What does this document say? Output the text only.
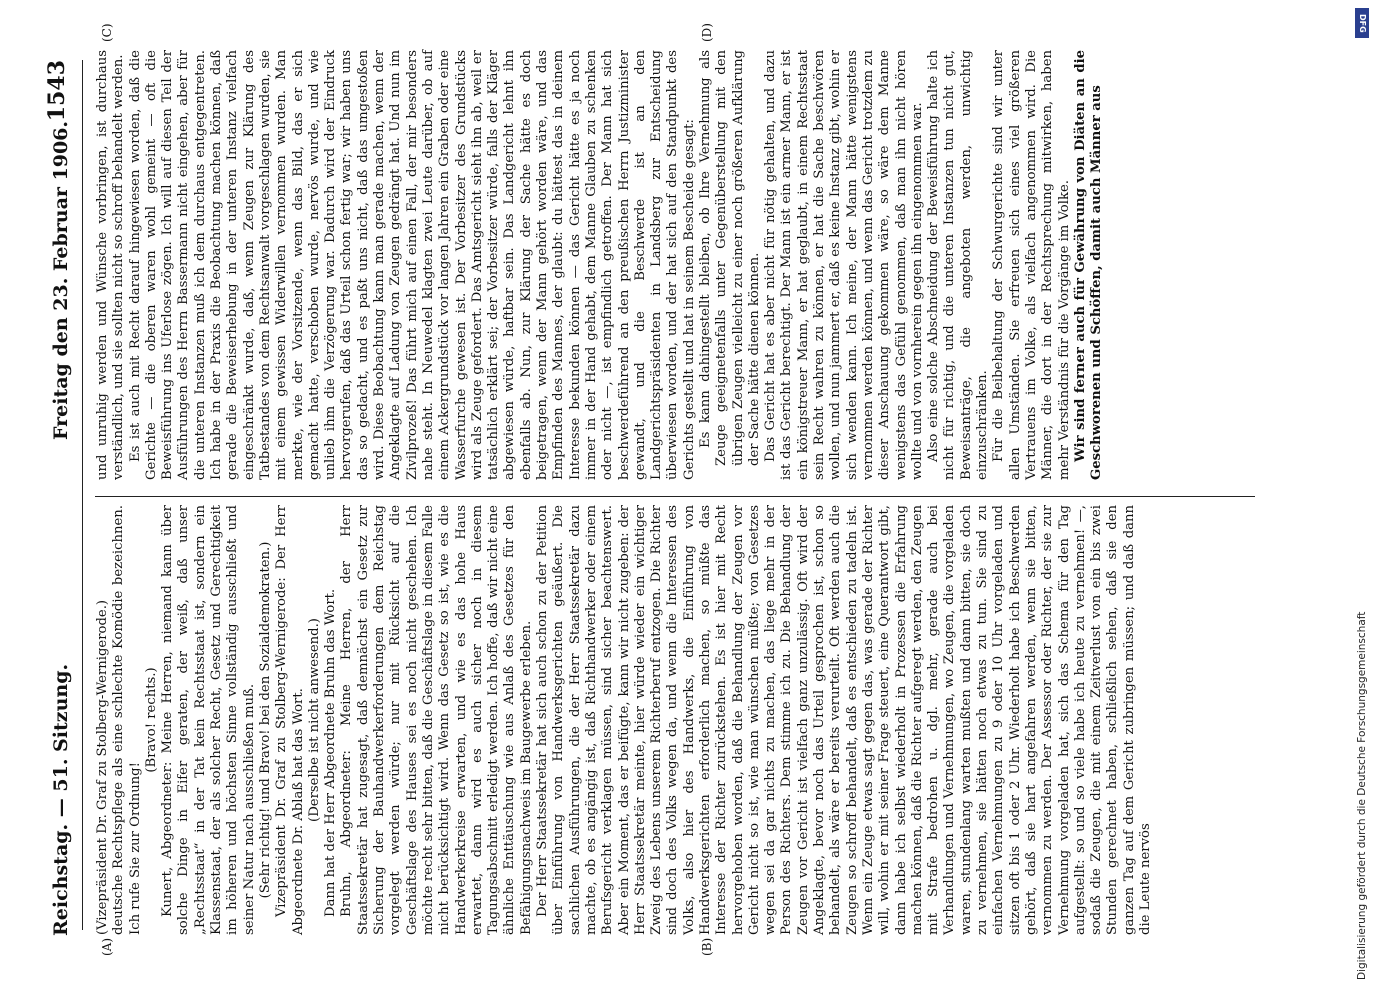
Reichstag. — 51. Sitzung.
Freitag den 23. Februar 1906.
1543
(A)	(B)
(C)	(D)

(Vizepräsident Dr. Graf zu Stolberg-Wernigerode.) deutsche Rechtspflege als eine schlechte Komödie bezeichnen. Ich rufe Sie zur Ordnung!

(Bravo! rechts.) Kunert, Abgeordneter: Meine Herren, niemand kann über solche Dinge in Eifer geraten, der weiß, daß unser „Rechtsstaat“ in der Tat kein Rechtsstaat ist, sondern ein Klassenstaat, der als solcher Recht, Gesetz und Gerechtigkeit im höheren und höchsten Sinne vollständig ausschließt und seiner Natur nach ausschließen muß. (Sehr richtig! und Bravo! bei den Sozialdemokraten.) Vizepräsident Dr. Graf zu Stolberg-Wernigerode: Der Herr Abgeordnete Dr. Ablaß hat das Wort. (Derselbe ist nicht anwesend.) Dann hat der Herr Abgeordnete Bruhn das Wort. Bruhn, Abgeordneter: Meine Herren, der Herr Staatssekretär hat zugesagt, daß demnächst ein Gesetz zur Sicherung der Bauhandwerkerforderungen dem Reichstag vorgelegt werden würde; nur mit Rücksicht auf die Geschäftslage des Hauses sei es noch nicht geschehen. Ich möchte recht sehr bitten, daß die Geschäftslage in diesem Falle nicht berücksichtigt wird. Wenn das Gesetz so ist, wie es die Handwerkerkreise erwarten, und wie es das hohe Haus erwartet, dann wird es auch sicher noch in diesem Tagungsabschnitt erledigt werden. Ich hoffe, daß wir nicht eine ähnliche Enttäuschung wie aus Anlaß des Gesetzes für den Befähigungsnachweis im Baugewerbe erleben. Der Herr Staatssekretär hat sich auch schon zu der Petition über Einführung von Handwerksgerichten geäußert. Die sachlichen Ausführungen, die der Herr Staatssekretär dazu machte, ob es angängig ist, daß Richthandwerker oder einem Berufsgericht verklagen müssen, sind sicher beachtenswert. Aber ein Moment, das er beifügte, kann wir nicht zugeben: der Herr Staatssekretär meinte, hier würde wieder ein wichtiger Zweig des Lebens unserem Richterberuf entzogen. Die Richter sind doch des Volks wegen da, und wenn die Interessen des Volks, also hier des Handwerks, die Einführung von Handwerksgerichten erforderlich machen, so müßte das Interesse der Richter zurückstehen. Es ist hier mit Recht hervorgehoben worden, daß die Behandlung der Zeugen vor Gericht nicht so ist, wie man wünschen müßte; von Gesetzes wegen sei da gar nichts zu machen, das liege mehr in der Person des Richters. Dem stimme ich zu. Die Behandlung der Zeugen vor Gericht ist vielfach ganz unzulässig. Oft wird der Angeklagte, bevor noch das Urteil gesprochen ist, schon so behandelt, als wäre er bereits verurteilt. Oft werden auch die Zeugen so schroff behandelt, daß es entschieden zu tadeln ist. Wenn ein Zeuge etwas sagt gegen das, was gerade der Richter will, wohin er mit seiner Frage steuert, eine Querantwort gibt, dann habe ich selbst wiederholt in Prozessen die Erfahrung machen können, daß die Richter aufgeregt werden, den Zeugen mit Strafe bedrohen u. dgl. mehr, gerade auch bei Verhandlungen und Vernehmungen, wo Zeugen, die vorgeladen waren, stundenlang warten mußten und dann bitten, sie doch zu vernehmen, sie hätten noch etwas zu tun. Sie sind zu einfachen Vernehmungen zu 9 oder 10 Uhr vorgeladen und sitzen oft bis 1 oder 2 Uhr. Wiederholt habe ich Beschwerden gehört, daß sie hart angefahren werden, wenn sie bitten, vernommen zu werden. Der Assessor oder Richter, der sie zur Vernehmung vorgeladen hat, sich das Schema für den Tag aufgestellt: so und so viele habe ich heute zu vernehmen! —, sodaß die Zeugen, die mit einem Zeitverlust von ein bis zwei Stunden gerechnet haben, schließlich sehen, daß sie den ganzen Tag auf dem Gericht zubringen müssen; und daß dann die Leute nervös

und unruhig werden und Wünsche vorbringen, ist durchaus verständlich, und sie sollten nicht so schroff behandelt werden. Es ist auch mit Recht darauf hingewiesen worden, daß die Gerichte — die oberen waren wohl gemeint — oft die Beweisführung ins Uferlose zögen. Ich will auf diesen Teil der Ausführungen des Herrn Bassermann nicht eingehen, aber für die unteren Instanzen muß ich dem durchaus entgegentreten. Ich habe in der Praxis die Beobachtung machen können, daß gerade die Beweiserhebung in der unteren Instanz vielfach eingeschränkt wurde, daß, wenn Zeugen zur Klärung des Tatbestandes von dem Rechtsanwalt vorgeschlagen wurden, sie mit einem gewissen Widerwillen vernommen wurden. Man merkte, wie der Vorsitzende, wenn das Bild, das er sich gemacht hatte, verschoben wurde, nervös wurde, und wie unlieb ihm die Verzögerung war. Dadurch wird der Eindruck hervorgerufen, daß das Urteil schon fertig war; wir haben uns das so gedacht, und es paßt uns nicht, daß das umgestoßen wird. Diese Beobachtung kann man gerade machen, wenn der Angeklagte auf Ladung von Zeugen gedrängt hat. Und nun im Zivilprozeß! Das führt mich auf einen Fall, der mir besonders nahe steht. In Neuwedel klagten zwei Leute darüber, ob auf einem Ackergrundstück vor langen Jahren ein Graben oder eine Wasserfurche gewesen ist. Der Vorbesitzer des Grundstücks wird als Zeuge gefordert. Das Amtsgericht sieht ihn ab, weil er tatsächlich erklärt sei; der Vorbesitzer würde, falls der Kläger abgewiesen würde, haftbar sein. Das Landgericht lehnt ihn ebenfalls ab. Nun, zur Klärung der Sache hätte es doch beigetragen, wenn der Mann gehört worden wäre, und das Empfinden des Mannes, der glaubt: du hättest das in deinem Interesse bekunden können — das Gericht hätte es ja noch immer in der Hand gehabt, dem Manne Glauben zu schenken oder nicht —, ist empfindlich getroffen. Der Mann hat sich beschwerdeführend an den preußischen Herrn Justizminister gewandt, und die Beschwerde ist an den Landgerichtspräsidenten in Landsberg zur Entscheidung überwiesen worden, und der hat sich auf den Standpunkt des Gerichts gestellt und hat in seinem Bescheide gesagt: Es kann dahingestellt bleiben, ob Ihre Vernehmung als Zeuge geeignetenfalls unter Gegenüberstellung mit den übrigen Zeugen vielleicht zu einer noch größeren Aufklärung der Sache hätte dienen können. Das Gericht hat es aber nicht für nötig gehalten, und dazu ist das Gericht berechtigt. Der Mann ist ein armer Mann, er ist ein königstreuer Mann, er hat geglaubt, in einem Rechtsstaat sein Recht wahren zu können, er hat die Sache beschwören wollen, und nun jammert er, daß es keine Instanz gibt, wohin er sich wenden kann. Ich meine, der Mann hätte wenigstens vernommen werden können, und wenn das Gericht trotzdem zu dieser Anschauung gekommen wäre, so wäre dem Manne wenigstens das Gefühl genommen, daß man ihn nicht hören wollte und von vornherein gegen ihn eingenommen war. Also eine solche Abschneidung der Beweisführung halte ich nicht für richtig, und die unteren Instanzen tun nicht gut, Beweisanträge, die angeboten werden, unwichtig einzuschränken. Für die Beibehaltung der Schwurgerichte sind wir unter allen Umständen. Sie erfreuen sich eines viel größeren Vertrauens im Volke, als vielfach angenommen wird. Die Männer, die dort in der Rechtsprechung mitwirken, haben mehr Verständnis für die Vorgänge im Volke. Wir sind ferner auch für Gewährung von Diäten an die Geschworenen und Schöffen, damit auch Männer aus

DFG
Digitalisierung gefördert durch die Deutsche Forschungsgemeinschaft
